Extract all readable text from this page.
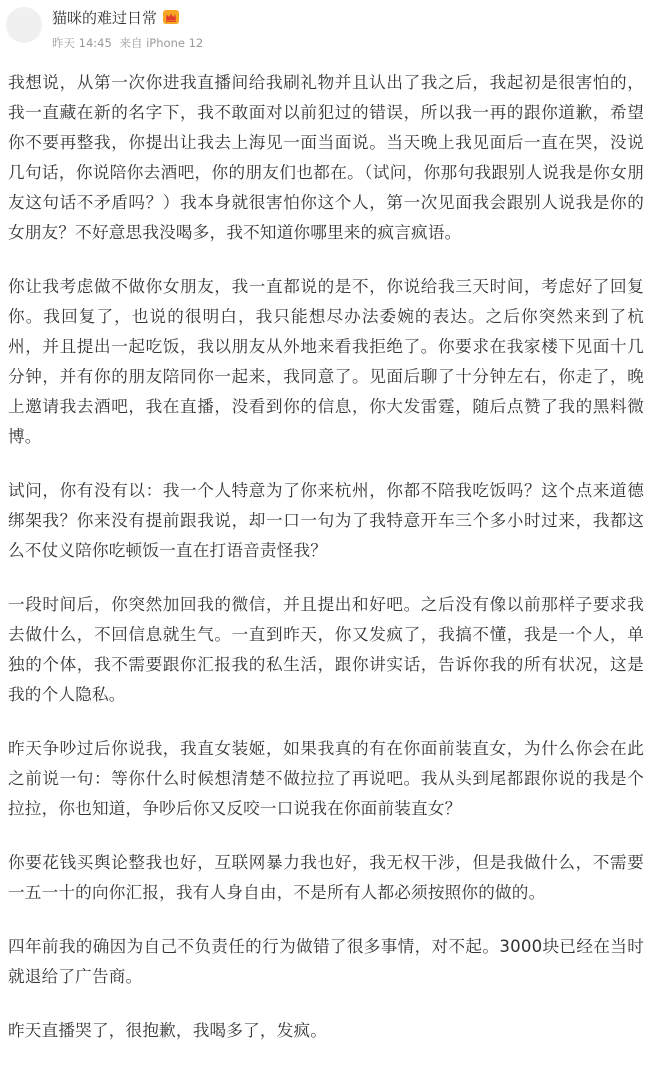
猫咪的难过日常
昨天 14:45 来自 iPhone 12

我想说，从第一次你进我直播间给我刷礼物并且认出了我之后，我起初是很害怕的，我一直藏在新的名字下，我不敢面对以前犯过的错误，所以我一再的跟你道歉，希望你不要再整我，你提出让我去上海见一面当面说。当天晚上我见面后一直在哭，没说几句话，你说陪你去酒吧，你的朋友们也都在。（试问，你那句我跟别人说我是你女朋友这句话不矛盾吗？）我本身就很害怕你这个人，第一次见面我会跟别人说我是你的女朋友？不好意思我没喝多，我不知道你哪里来的疯言疯语。

你让我考虑做不做你女朋友，我一直都说的是不，你说给我三天时间，考虑好了回复你。我回复了，也说的很明白，我只能想尽办法委婉的表达。之后你突然来到了杭州，并且提出一起吃饭，我以朋友从外地来看我拒绝了。你要求在我家楼下见面十几分钟，并有你的朋友陪同你一起来，我同意了。见面后聊了十分钟左右，你走了，晚上邀请我去酒吧，我在直播，没看到你的信息，你大发雷霆，随后点赞了我的黑料微博。

试问，你有没有以：我一个人特意为了你来杭州，你都不陪我吃饭吗？这个点来道德绑架我？你来没有提前跟我说，却一口一句为了我特意开车三个多小时过来，我都这么不仗义陪你吃顿饭一直在打语音责怪我？

一段时间后，你突然加回我的微信，并且提出和好吧。之后没有像以前那样子要求我去做什么，不回信息就生气。一直到昨天，你又发疯了，我搞不懂，我是一个人，单独的个体，我不需要跟你汇报我的私生活，跟你讲实话，告诉你我的所有状况，这是我的个人隐私。

昨天争吵过后你说我，我直女装姬，如果我真的有在你面前装直女，为什么你会在此之前说一句：等你什么时候想清楚不做拉拉了再说吧。我从头到尾都跟你说的我是个拉拉，你也知道，争吵后你又反咬一口说我在你面前装直女？

你要花钱买舆论整我也好，互联网暴力我也好，我无权干涉，但是我做什么，不需要一五一十的向你汇报，我有人身自由，不是所有人都必须按照你的做的。

四年前我的确因为自己不负责任的行为做错了很多事情，对不起。3000块已经在当时就退给了广告商。

昨天直播哭了，很抱歉，我喝多了，发疯。
